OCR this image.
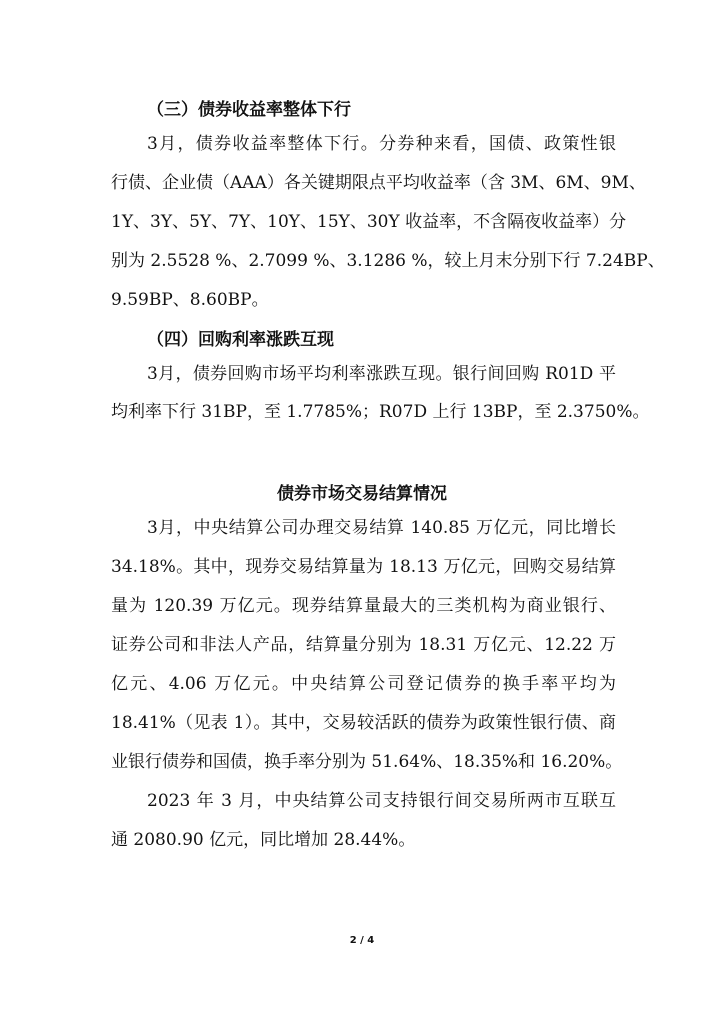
（三）债券收益率整体下行
3月，债券收益率整体下行。分券种来看，国债、政策性银
行债、企业债（AAA）各关键期限点平均收益率（含 3M、6M、9M、
1Y、3Y、5Y、7Y、10Y、15Y、30Y 收益率，不含隔夜收益率）分
别为 2.5528 %、2.7099 %、3.1286 %，较上月末分别下行 7.24BP、
9.59BP、8.60BP。
（四）回购利率涨跌互现
3月，债券回购市场平均利率涨跌互现。银行间回购 R01D 平
均利率下行 31BP，至 1.7785%；R07D 上行 13BP，至 2.3750%。
债券市场交易结算情况
3月，中央结算公司办理交易结算 140.85 万亿元，同比增长
34.18%。其中，现券交易结算量为 18.13 万亿元，回购交易结算
量为 120.39 万亿元。现券结算量最大的三类机构为商业银行、
证券公司和非法人产品，结算量分别为 18.31 万亿元、12.22 万
亿元、4.06 万亿元。中央结算公司登记债券的换手率平均为
18.41%（见表 1）。其中，交易较活跃的债券为政策性银行债、商
业银行债券和国债，换手率分别为 51.64%、18.35%和 16.20%。
2023 年 3 月，中央结算公司支持银行间交易所两市互联互
通 2080.90 亿元，同比增加 28.44%。
2 / 4
